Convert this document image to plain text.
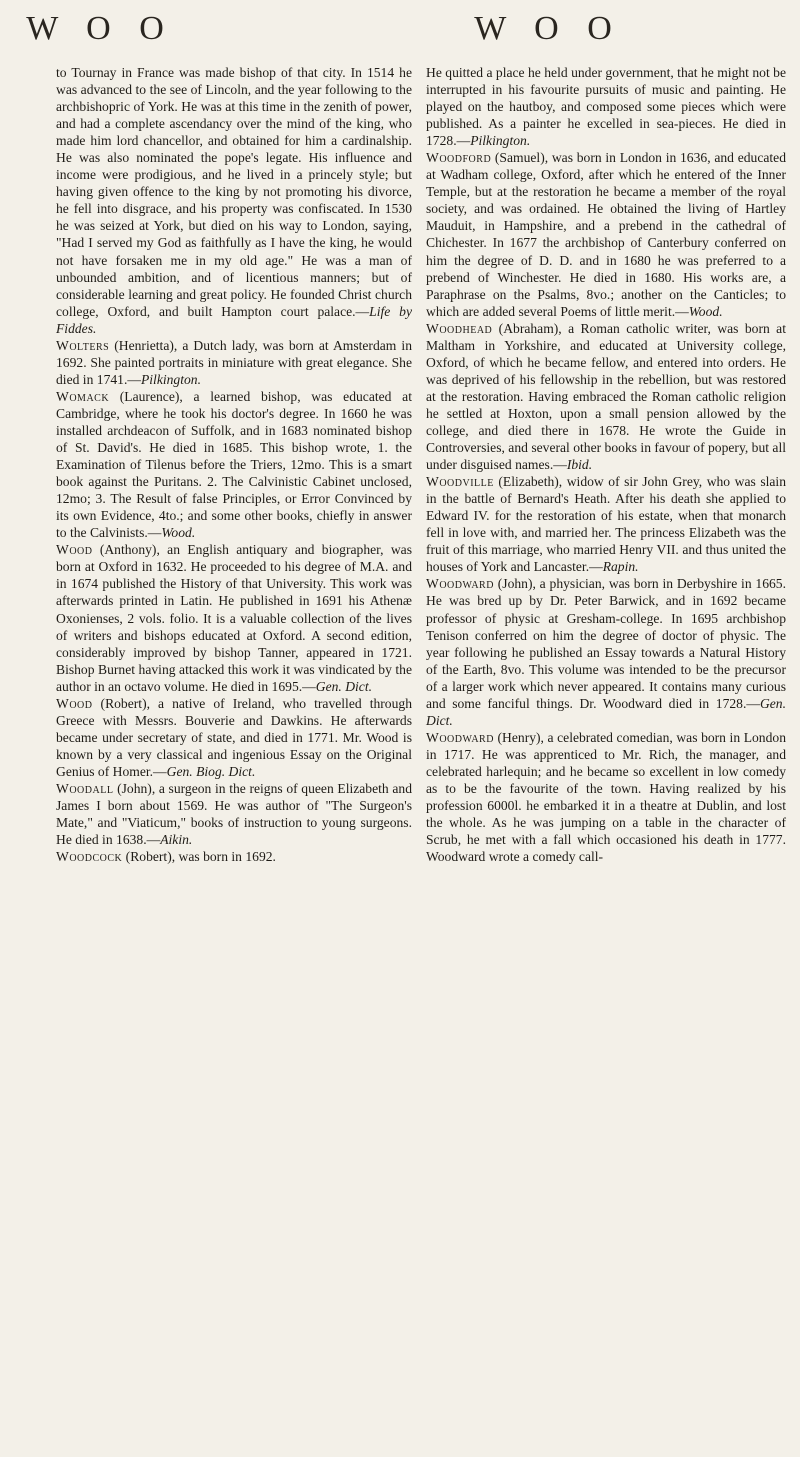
W O O	W O O

to Tournay in France was made bishop of that city. In 1514 he was advanced to the see of Lincoln, and the year following to the archbishopric of York. He was at this time in the zenith of power, and had a complete ascendancy over the mind of the king, who made him lord chancellor, and obtained for him a cardinalship. He was also nominated the pope's legate. His influence and income were prodigious, and he lived in a princely style; but having given offence to the king by not promoting his divorce, he fell into disgrace, and his property was confiscated. In 1530 he was seized at York, but died on his way to London, saying, "Had I served my God as faithfully as I have the king, he would not have forsaken me in my old age." He was a man of unbounded ambition, and of licentious manners; but of considerable learning and great policy. He founded Christ church college, Oxford, and built Hampton court palace.—Life by Fiddes.

Wolters (Henrietta), a Dutch lady, was born at Amsterdam in 1692. She painted portraits in miniature with great elegance. She died in 1741.—Pilkington.

Womack (Laurence), a learned bishop, was educated at Cambridge, where he took his doctor's degree. In 1660 he was installed archdeacon of Suffolk, and in 1683 nominated bishop of St. David's. He died in 1685. This bishop wrote, 1. the Examination of Tilenus before the Triers, 12mo. This is a smart book against the Puritans. 2. The Calvinistic Cabinet unclosed, 12mo; 3. The Result of false Principles, or Error Convinced by its own Evidence, 4to.; and some other books, chiefly in answer to the Calvinists.—Wood.

Wood (Anthony), an English antiquary and biographer, was born at Oxford in 1632. He proceeded to his degree of M.A. and in 1674 published the History of that University. This work was afterwards printed in Latin. He published in 1691 his Athenæ Oxonienses, 2 vols. folio. It is a valuable collection of the lives of writers and bishops educated at Oxford. A second edition, considerably improved by bishop Tanner, appeared in 1721. Bishop Burnet having attacked this work it was vindicated by the author in an octavo volume. He died in 1695.—Gen. Dict.

Wood (Robert), a native of Ireland, who travelled through Greece with Messrs. Bouverie and Dawkins. He afterwards became under secretary of state, and died in 1771. Mr. Wood is known by a very classical and ingenious Essay on the Original Genius of Homer.—Gen. Biog. Dict.

Woodall (John), a surgeon in the reigns of queen Elizabeth and James I born about 1569. He was author of "The Surgeon's Mate," and "Viaticum," books of instruction to young surgeons. He died in 1638.—Aikin.

Woodcock (Robert), was born in 1692.

He quitted a place he held under government, that he might not be interrupted in his favourite pursuits of music and painting. He played on the hautboy, and composed some pieces which were published. As a painter he excelled in sea-pieces. He died in 1728.—Pilkington.

Woodford (Samuel), was born in London in 1636, and educated at Wadham college, Oxford, after which he entered of the Inner Temple, but at the restoration he became a member of the royal society, and was ordained. He obtained the living of Hartley Mauduit, in Hampshire, and a prebend in the cathedral of Chichester. In 1677 the archbishop of Canterbury conferred on him the degree of D. D. and in 1680 he was preferred to a prebend of Winchester. He died in 1680. His works are, a Paraphrase on the Psalms, 8vo.; another on the Canticles; to which are added several Poems of little merit.—Wood.

Woodhead (Abraham), a Roman catholic writer, was born at Maltham in Yorkshire, and educated at University college, Oxford, of which he became fellow, and entered into orders. He was deprived of his fellowship in the rebellion, but was restored at the restoration. Having embraced the Roman catholic religion he settled at Hoxton, upon a small pension allowed by the college, and died there in 1678. He wrote the Guide in Controversies, and several other books in favour of popery, but all under disguised names.—Ibid.

Woodville (Elizabeth), widow of sir John Grey, who was slain in the battle of Bernard's Heath. After his death she applied to Edward IV. for the restoration of his estate, when that monarch fell in love with, and married her. The princess Elizabeth was the fruit of this marriage, who married Henry VII. and thus united the houses of York and Lancaster.—Rapin.

Woodward (John), a physician, was born in Derbyshire in 1665. He was bred up by Dr. Peter Barwick, and in 1692 became professor of physic at Gresham-college. In 1695 archbishop Tenison conferred on him the degree of doctor of physic. The year following he published an Essay towards a Natural History of the Earth, 8vo. This volume was intended to be the precursor of a larger work which never appeared. It contains many curious and some fanciful things. Dr. Woodward died in 1728.—Gen. Dict.

Woodward (Henry), a celebrated comedian, was born in London in 1717. He was apprenticed to Mr. Rich, the manager, and celebrated harlequin; and he became so excellent in low comedy as to be the favourite of the town. Having realized by his profession 6000l. he embarked it in a theatre at Dublin, and lost the whole. As he was jumping on a table in the character of Scrub, he met with a fall which occasioned his death in 1777. Woodward wrote a comedy call-
